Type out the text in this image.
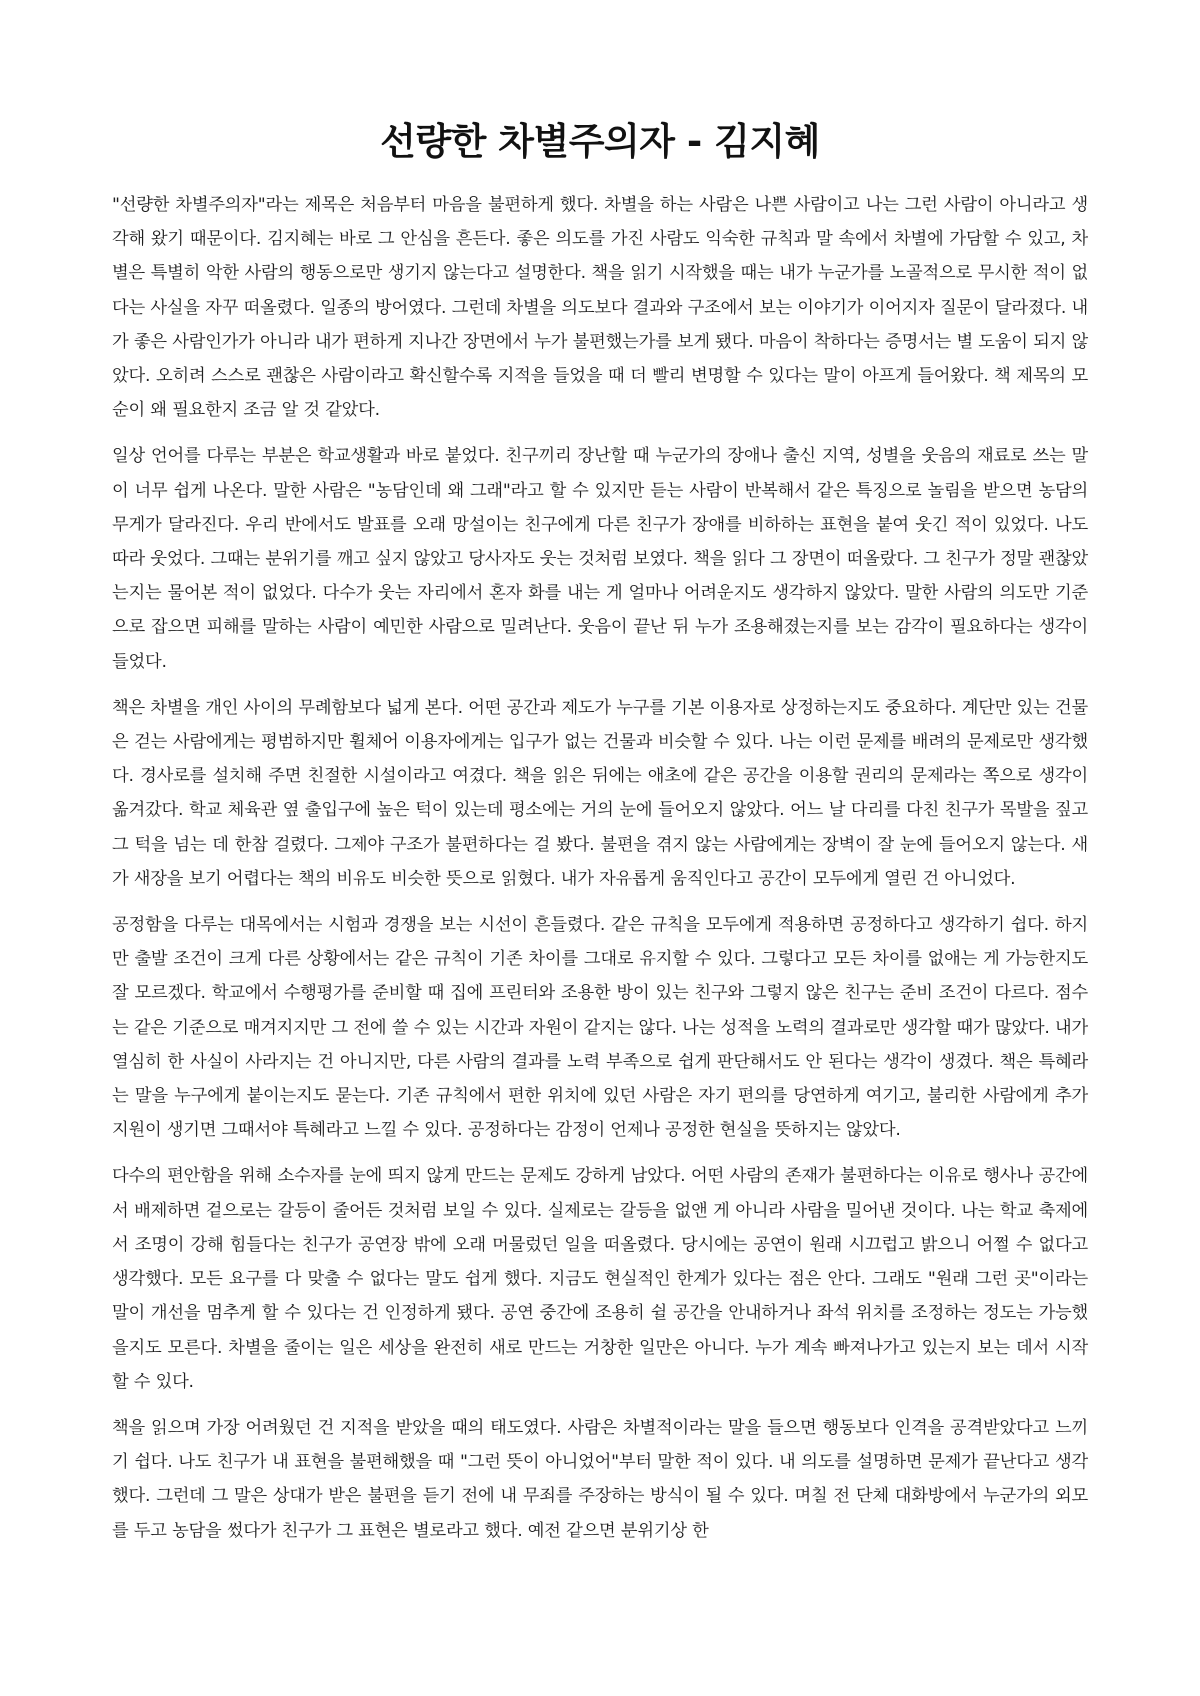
선량한 차별주의자 - 김지혜

"선량한 차별주의자"라는 제목은 처음부터 마음을 불편하게 했다. 차별을 하는 사람은 나쁜 사람이고 나는 그런 사람이 아니라고 생각해 왔기 때문이다. 김지혜는 바로 그 안심을 흔든다. 좋은 의도를 가진 사람도 익숙한 규칙과 말 속에서 차별에 가담할 수 있고, 차별은 특별히 악한 사람의 행동으로만 생기지 않는다고 설명한다. 책을 읽기 시작했을 때는 내가 누군가를 노골적으로 무시한 적이 없다는 사실을 자꾸 떠올렸다. 일종의 방어였다. 그런데 차별을 의도보다 결과와 구조에서 보는 이야기가 이어지자 질문이 달라졌다. 내가 좋은 사람인가가 아니라 내가 편하게 지나간 장면에서 누가 불편했는가를 보게 됐다. 마음이 착하다는 증명서는 별 도움이 되지 않았다. 오히려 스스로 괜찮은 사람이라고 확신할수록 지적을 들었을 때 더 빨리 변명할 수 있다는 말이 아프게 들어왔다. 책 제목의 모순이 왜 필요한지 조금 알 것 같았다.

일상 언어를 다루는 부분은 학교생활과 바로 붙었다. 친구끼리 장난할 때 누군가의 장애나 출신 지역, 성별을 웃음의 재료로 쓰는 말이 너무 쉽게 나온다. 말한 사람은 "농담인데 왜 그래"라고 할 수 있지만 듣는 사람이 반복해서 같은 특징으로 놀림을 받으면 농담의 무게가 달라진다. 우리 반에서도 발표를 오래 망설이는 친구에게 다른 친구가 장애를 비하하는 표현을 붙여 웃긴 적이 있었다. 나도 따라 웃었다. 그때는 분위기를 깨고 싶지 않았고 당사자도 웃는 것처럼 보였다. 책을 읽다 그 장면이 떠올랐다. 그 친구가 정말 괜찮았는지는 물어본 적이 없었다. 다수가 웃는 자리에서 혼자 화를 내는 게 얼마나 어려운지도 생각하지 않았다. 말한 사람의 의도만 기준으로 잡으면 피해를 말하는 사람이 예민한 사람으로 밀려난다. 웃음이 끝난 뒤 누가 조용해졌는지를 보는 감각이 필요하다는 생각이 들었다.

책은 차별을 개인 사이의 무례함보다 넓게 본다. 어떤 공간과 제도가 누구를 기본 이용자로 상정하는지도 중요하다. 계단만 있는 건물은 걷는 사람에게는 평범하지만 휠체어 이용자에게는 입구가 없는 건물과 비슷할 수 있다. 나는 이런 문제를 배려의 문제로만 생각했다. 경사로를 설치해 주면 친절한 시설이라고 여겼다. 책을 읽은 뒤에는 애초에 같은 공간을 이용할 권리의 문제라는 쪽으로 생각이 옮겨갔다. 학교 체육관 옆 출입구에 높은 턱이 있는데 평소에는 거의 눈에 들어오지 않았다. 어느 날 다리를 다친 친구가 목발을 짚고 그 턱을 넘는 데 한참 걸렸다. 그제야 구조가 불편하다는 걸 봤다. 불편을 겪지 않는 사람에게는 장벽이 잘 눈에 들어오지 않는다. 새가 새장을 보기 어렵다는 책의 비유도 비슷한 뜻으로 읽혔다. 내가 자유롭게 움직인다고 공간이 모두에게 열린 건 아니었다.

공정함을 다루는 대목에서는 시험과 경쟁을 보는 시선이 흔들렸다. 같은 규칙을 모두에게 적용하면 공정하다고 생각하기 쉽다. 하지만 출발 조건이 크게 다른 상황에서는 같은 규칙이 기존 차이를 그대로 유지할 수 있다. 그렇다고 모든 차이를 없애는 게 가능한지도 잘 모르겠다. 학교에서 수행평가를 준비할 때 집에 프린터와 조용한 방이 있는 친구와 그렇지 않은 친구는 준비 조건이 다르다. 점수는 같은 기준으로 매겨지지만 그 전에 쓸 수 있는 시간과 자원이 같지는 않다. 나는 성적을 노력의 결과로만 생각할 때가 많았다. 내가 열심히 한 사실이 사라지는 건 아니지만, 다른 사람의 결과를 노력 부족으로 쉽게 판단해서도 안 된다는 생각이 생겼다. 책은 특혜라는 말을 누구에게 붙이는지도 묻는다. 기존 규칙에서 편한 위치에 있던 사람은 자기 편의를 당연하게 여기고, 불리한 사람에게 추가 지원이 생기면 그때서야 특혜라고 느낄 수 있다. 공정하다는 감정이 언제나 공정한 현실을 뜻하지는 않았다.

다수의 편안함을 위해 소수자를 눈에 띄지 않게 만드는 문제도 강하게 남았다. 어떤 사람의 존재가 불편하다는 이유로 행사나 공간에서 배제하면 겉으로는 갈등이 줄어든 것처럼 보일 수 있다. 실제로는 갈등을 없앤 게 아니라 사람을 밀어낸 것이다. 나는 학교 축제에서 조명이 강해 힘들다는 친구가 공연장 밖에 오래 머물렀던 일을 떠올렸다. 당시에는 공연이 원래 시끄럽고 밝으니 어쩔 수 없다고 생각했다. 모든 요구를 다 맞출 수 없다는 말도 쉽게 했다. 지금도 현실적인 한계가 있다는 점은 안다. 그래도 "원래 그런 곳"이라는 말이 개선을 멈추게 할 수 있다는 건 인정하게 됐다. 공연 중간에 조용히 쉴 공간을 안내하거나 좌석 위치를 조정하는 정도는 가능했을지도 모른다. 차별을 줄이는 일은 세상을 완전히 새로 만드는 거창한 일만은 아니다. 누가 계속 빠져나가고 있는지 보는 데서 시작할 수 있다.

책을 읽으며 가장 어려웠던 건 지적을 받았을 때의 태도였다. 사람은 차별적이라는 말을 들으면 행동보다 인격을 공격받았다고 느끼기 쉽다. 나도 친구가 내 표현을 불편해했을 때 "그런 뜻이 아니었어"부터 말한 적이 있다. 내 의도를 설명하면 문제가 끝난다고 생각했다. 그런데 그 말은 상대가 받은 불편을 듣기 전에 내 무죄를 주장하는 방식이 될 수 있다. 며칠 전 단체 대화방에서 누군가의 외모를 두고 농담을 썼다가 친구가 그 표현은 별로라고 했다. 예전 같으면 분위기상 한
